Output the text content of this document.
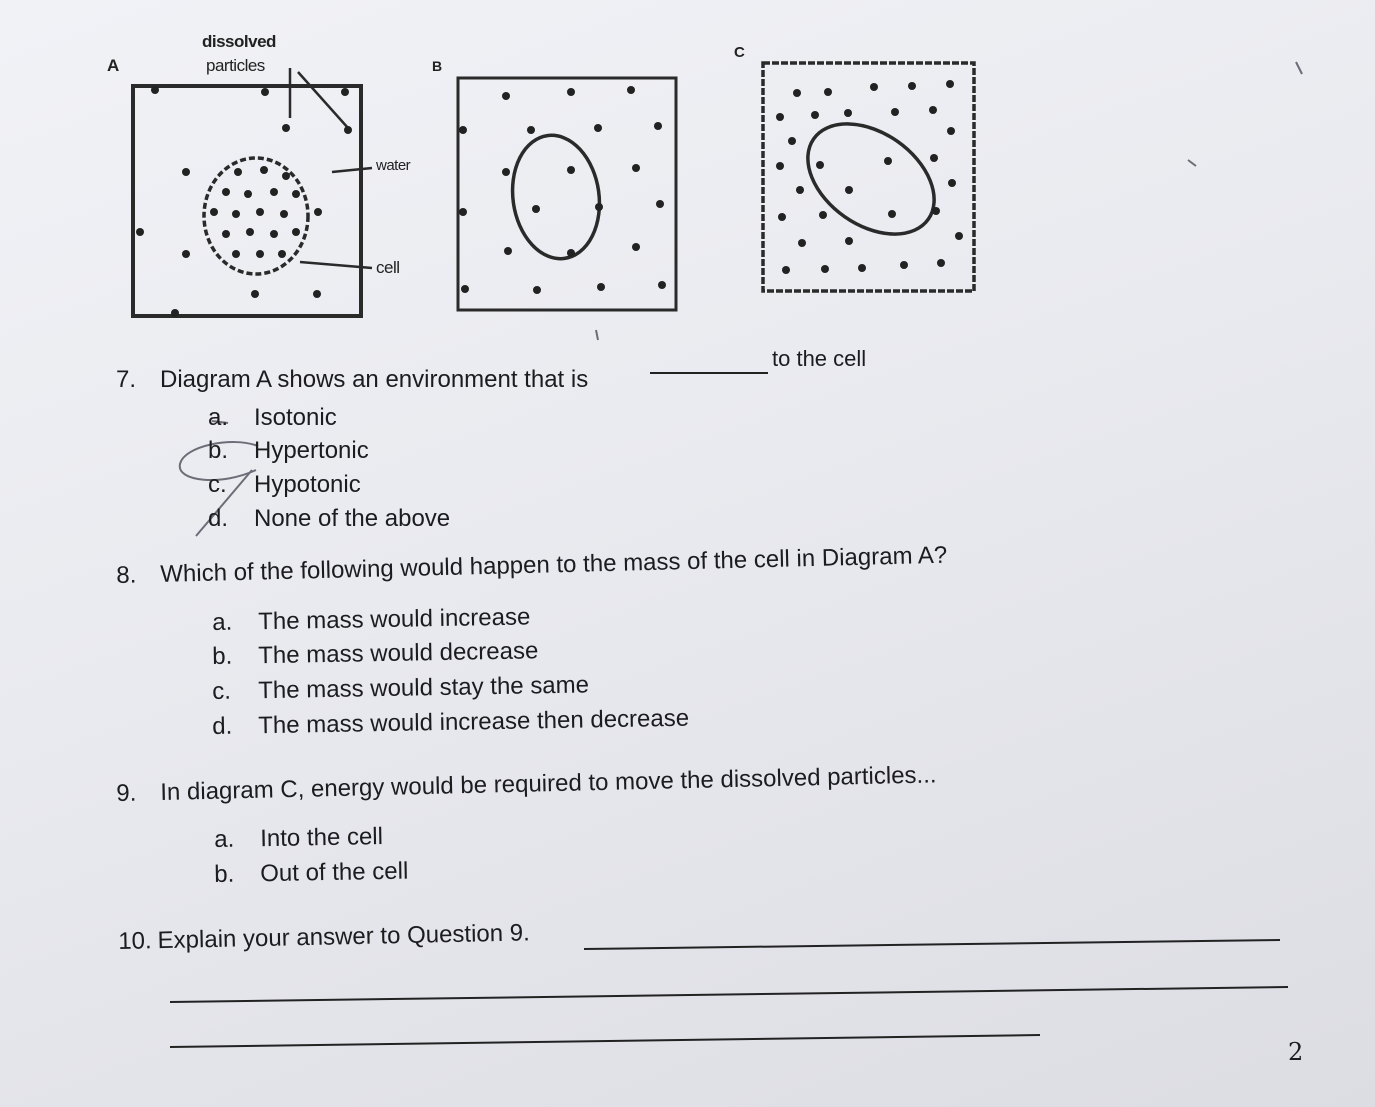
A
dissolved
particles
water
cell
B
C
7. Diagram A shows an environment that is
to the cell
a. Isotonic
b. Hypertonic
c. Hypotonic
d. None of the above
8. Which of the following would happen to the mass of the cell in Diagram A?
a. The mass would increase
b. The mass would decrease
c. The mass would stay the same
d. The mass would increase then decrease
9. In diagram C, energy would be required to move the dissolved particles...
a. Into the cell
b. Out of the cell
10. Explain your answer to Question 9.
2
